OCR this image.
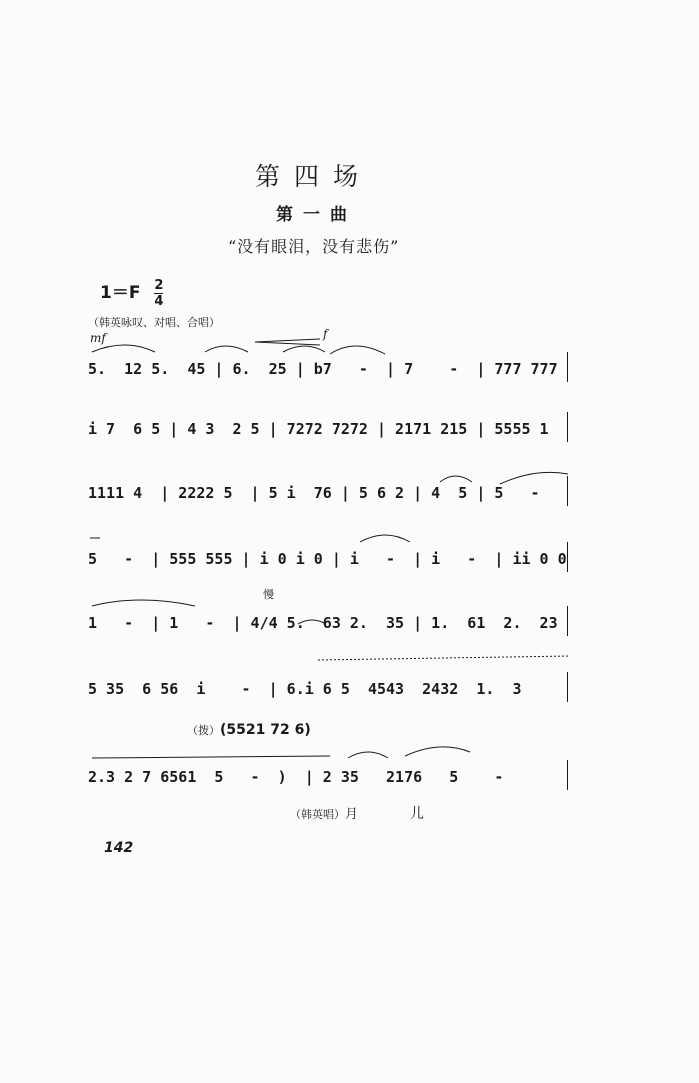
第四场
第一曲
“没有眼泪，没有悲伤”
$1=F \frac{2}{4}$
（韩英咏叹、对唱、合唱）
mf	f
5.  12 5.  45 | 6.  25 | b7   -  | 7    -  | 777 777
i 7  6 5 | 4 3  2 5 | 7272 7272 | 2171 215 | 5555 1
1111 4  | 2222 5  | 5 i  76 | 5 6 2 | 4  5 | 5   -
5   -  | 555 555 | i 0 i 0 | i   -  | i   -  | ii 0 0
慢
1   -  | 1   -  | 4/4 5.  63 2.  35 | 1.  61  2.  23
5 35  6 56  i    -  | 6.i 6 5  4543  2432  1.  3
（拨）(5521 72 6)
2.3 2 7 6561  5   -  )  | 2 35   2176   5    -
（韩英唱）月	儿
142
